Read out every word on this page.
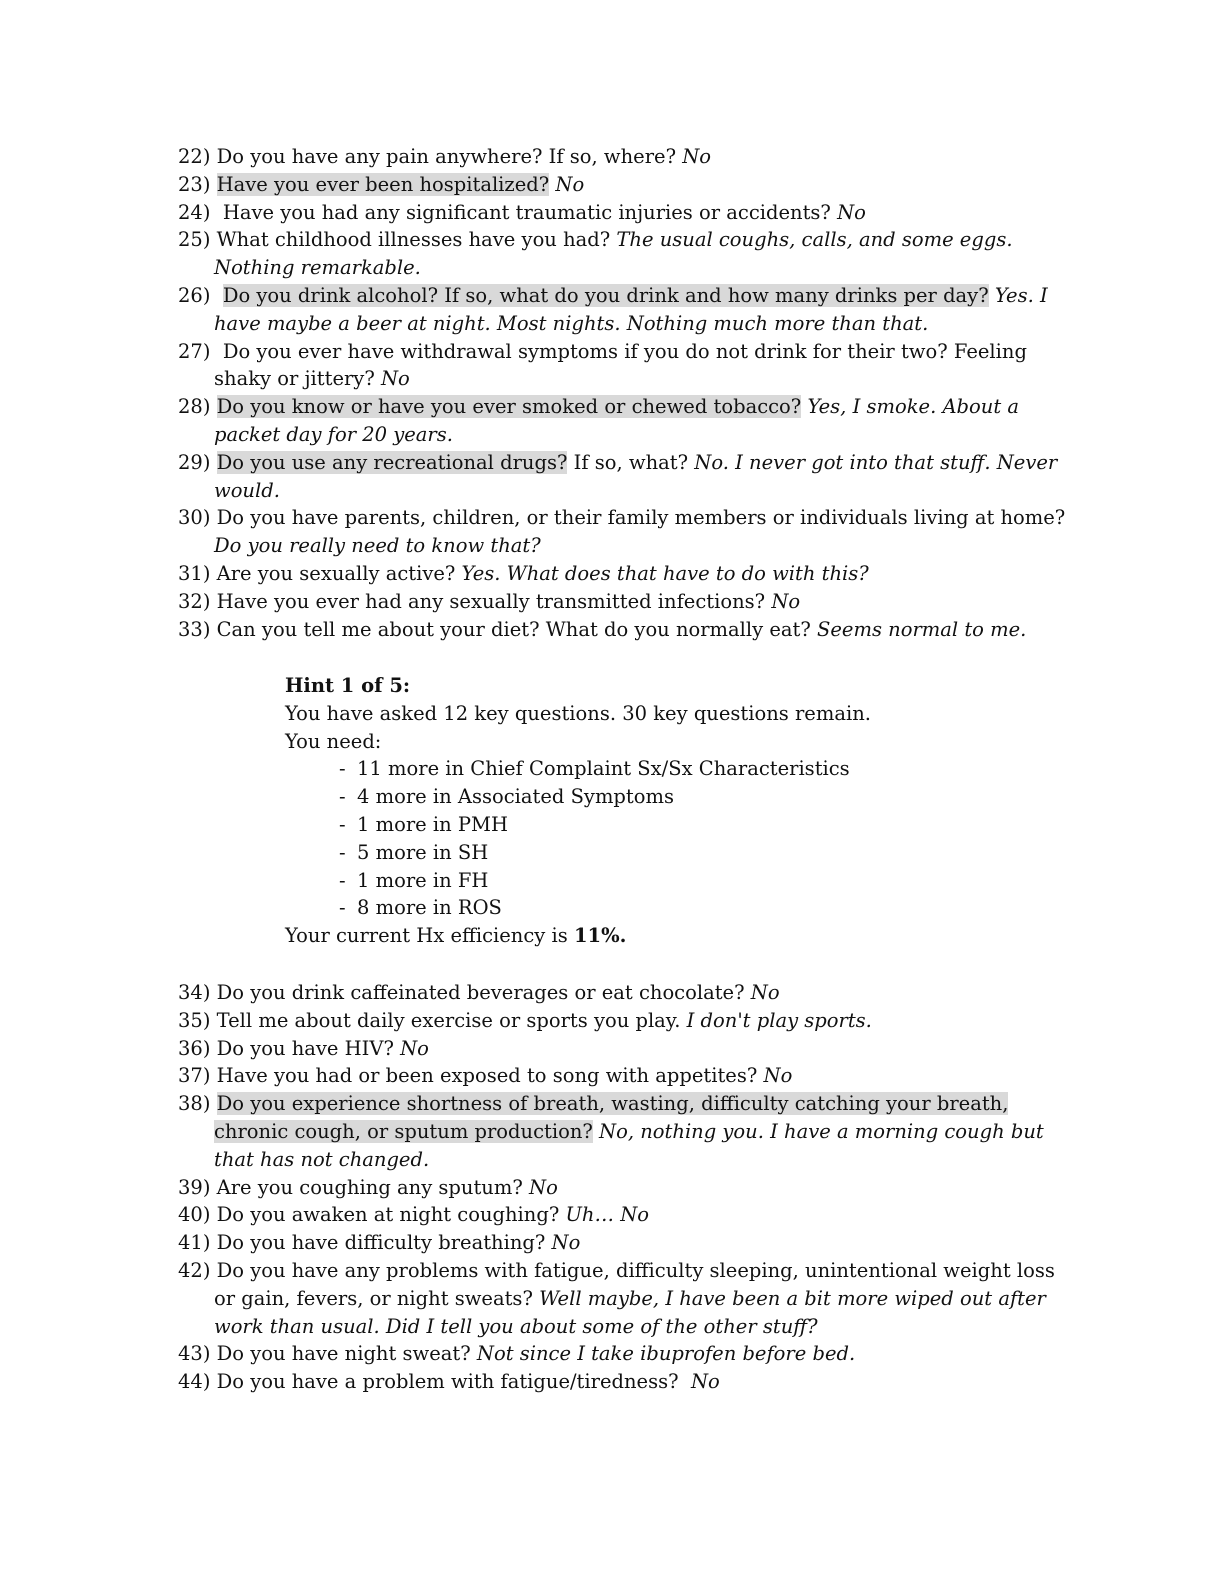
22) Do you have any pain anywhere? If so, where? No
23) Have you ever been hospitalized? No
24) Have you had any significant traumatic injuries or accidents? No
25) What childhood illnesses have you had? The usual coughs, calls, and some eggs. Nothing remarkable.
26) Do you drink alcohol? If so, what do you drink and how many drinks per day? Yes. I have maybe a beer at night. Most nights. Nothing much more than that.
27) Do you ever have withdrawal symptoms if you do not drink for their two? Feeling shaky or jittery? No
28) Do you know or have you ever smoked or chewed tobacco? Yes, I smoke. About a packet day for 20 years.
29) Do you use any recreational drugs? If so, what? No. I never got into that stuff. Never would.
30) Do you have parents, children, or their family members or individuals living at home? Do you really need to know that?
31) Are you sexually active? Yes. What does that have to do with this?
32) Have you ever had any sexually transmitted infections? No
33) Can you tell me about your diet? What do you normally eat? Seems normal to me.
Hint 1 of 5:
You have asked 12 key questions. 30 key questions remain.
You need:
- 11 more in Chief Complaint Sx/Sx Characteristics
- 4 more in Associated Symptoms
- 1 more in PMH
- 5 more in SH
- 1 more in FH
- 8 more in ROS
Your current Hx efficiency is 11%.
34) Do you drink caffeinated beverages or eat chocolate? No
35) Tell me about daily exercise or sports you play. I don't play sports.
36) Do you have HIV? No
37) Have you had or been exposed to song with appetites? No
38) Do you experience shortness of breath, wasting, difficulty catching your breath, chronic cough, or sputum production? No, nothing you. I have a morning cough but that has not changed.
39) Are you coughing any sputum? No
40) Do you awaken at night coughing? Uh… No
41) Do you have difficulty breathing? No
42) Do you have any problems with fatigue, difficulty sleeping, unintentional weight loss or gain, fevers, or night sweats? Well maybe, I have been a bit more wiped out after work than usual. Did I tell you about some of the other stuff?
43) Do you have night sweat? Not since I take ibuprofen before bed.
44) Do you have a problem with fatigue/tiredness? No
